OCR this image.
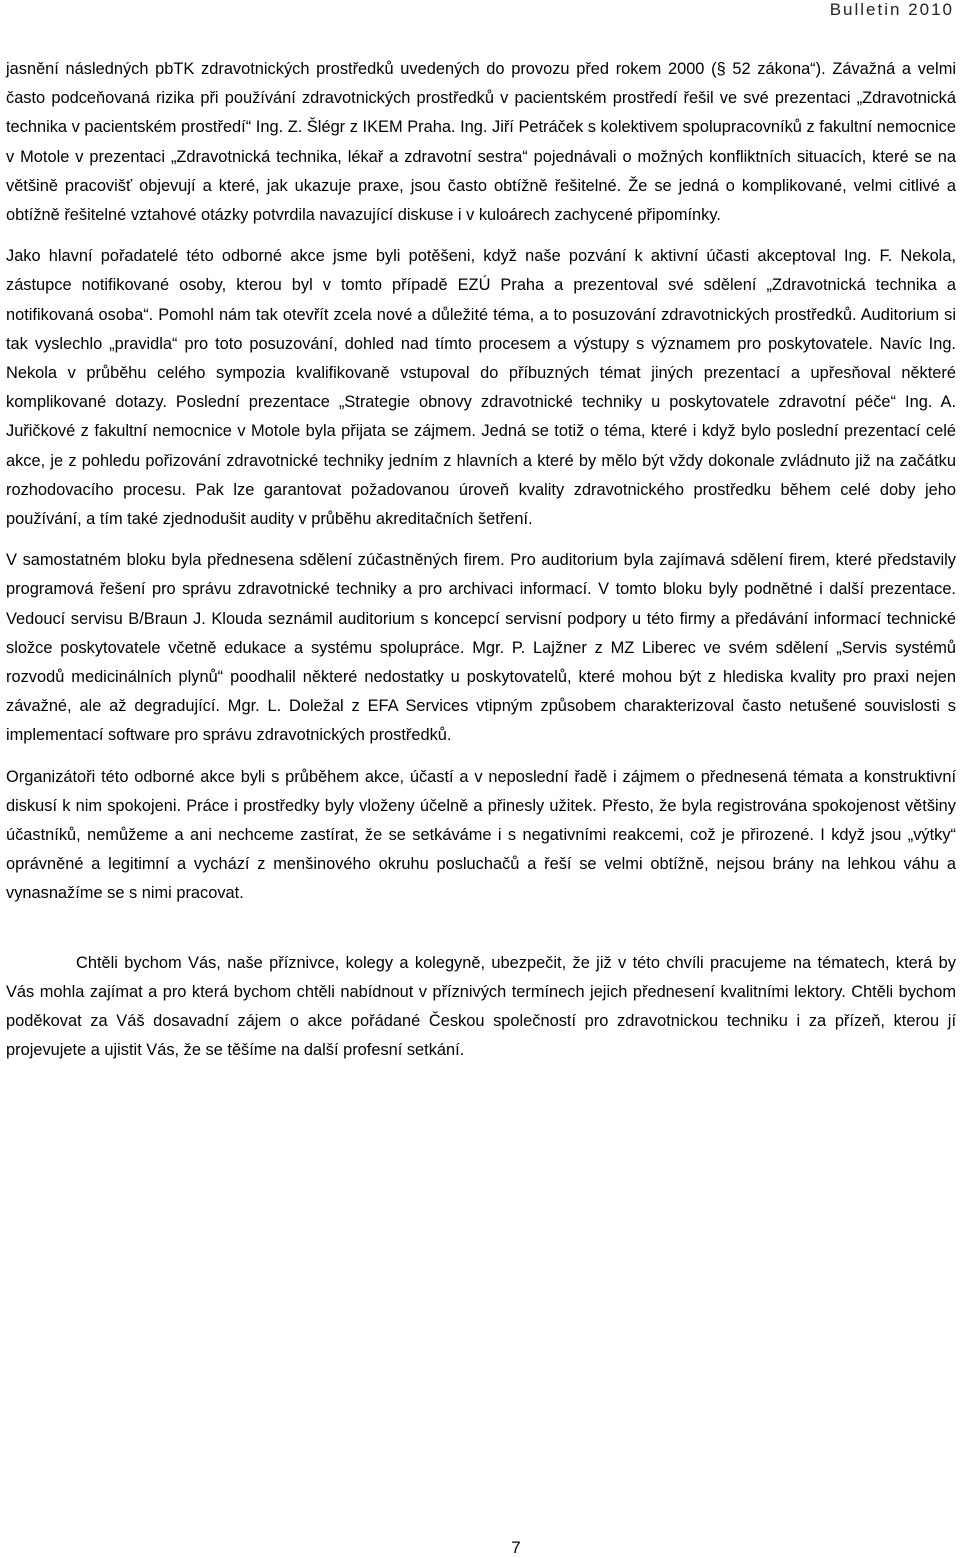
Bulletin 2010

jasnění následných pbTK zdravotnických prostředků uvedených do provozu před rokem 2000 (§ 52 zákona“). Závažná a velmi často podceňovaná rizika při používání zdravotnických prostředků v pacientském prostředí řešil ve své prezentaci „Zdravotnická technika v pacientském prostředí“ Ing. Z. Šlégr z IKEM Praha. Ing. Jiří Petráček s kolektivem spolupracovníků z fakultní nemocnice v Motole v prezentaci „Zdravotnická technika, lékař a zdravotní sestra“ pojednávali o možných konfliktních situacích, které se na většině pracovišť objevují a které, jak ukazuje praxe, jsou často obtížně řešitelné. Že se jedná o komplikované, velmi citlivé a obtížně řešitelné vztahové otázky potvrdila navazující diskuse i v kuloárech zachycené připomínky.

Jako hlavní pořadatelé této odborné akce jsme byli potěšeni, když naše pozvání k aktivní účasti akceptoval Ing. F. Nekola, zástupce notifikované osoby, kterou byl v tomto případě EZÚ Praha a prezentoval své sdělení „Zdravotnická technika a notifikovaná osoba“. Pomohl nám tak otevřít zcela nové a důležité téma, a to posuzování zdravotnických prostředků. Auditorium si tak vyslechlo „pravidla“ pro toto posuzování, dohled nad tímto procesem a výstupy s významem pro poskytovatele. Navíc Ing. Nekola v průběhu celého sympozia kvalifikovaně vstupoval do příbuzných témat jiných prezentací a upřesňoval některé komplikované dotazy. Poslední prezentace „Strategie obnovy zdravotnické techniky u poskytovatele zdravotní péče“ Ing. A. Juřičkové z fakultní nemocnice v Motole byla přijata se zájmem. Jedná se totiž o téma, které i když bylo poslední prezentací celé akce, je z pohledu pořizování zdravotnické techniky jedním z hlavních a které by mělo být vždy dokonale zvládnuto již na začátku rozhodovacího procesu. Pak lze garantovat požadovanou úroveň kvality zdravotnického prostředku během celé doby jeho používání, a tím také zjednodušit audity v průběhu akreditačních šetření.

V samostatném bloku byla přednesena sdělení zúčastněných firem. Pro auditorium byla zajímavá sdělení firem, které představily programová řešení pro správu zdravotnické techniky a pro archivaci informací. V tomto bloku byly podnětné i další prezentace. Vedoucí servisu B/Braun J. Klouda seznámil auditorium s koncepcí servisní podpory u této firmy a předávání informací technické složce poskytovatele včetně edukace a systému spolupráce. Mgr. P. Lajžner z MZ Liberec ve svém sdělení „Servis systémů rozvodů medicinálních plynů“ poodhalil některé nedostatky u poskytovatelů, které mohou být z hlediska kvality pro praxi nejen závažné, ale až degradující. Mgr. L. Doležal z EFA Services vtipným způsobem charakterizoval často netušené souvislosti s implementací software pro správu zdravotnických prostředků.

Organizátoři této odborné akce byli s průběhem akce, účastí a v neposlední řadě i zájmem o přednesená témata a konstruktivní diskusí k nim spokojeni. Práce i prostředky byly vloženy účelně a přinesly užitek. Přesto, že byla registrována spokojenost většiny účastníků, nemůžeme a ani nechceme zastírat, že se setkáváme i s negativními reakcemi, což je přirozené. I když jsou „výtky“ oprávněné a legitimní a vychází z menšinového okruhu posluchačů a řeší se velmi obtížně, nejsou brány na lehkou váhu a vynasnažíme se s nimi pracovat.

Chtěli bychom Vás, naše příznivce, kolegy a kolegyně, ubezpečit, že již v této chvíli pracujeme na tématech, která by Vás mohla zajímat a pro která bychom chtěli nabídnout v příznivých termínech jejich přednesení kvalitními lektory. Chtěli bychom poděkovat za Váš dosavadní zájem o akce pořádané Českou společností pro zdravotnickou techniku i za přízeň, kterou jí projevujete a ujistit Vás, že se těšíme na další profesní setkání.

7
